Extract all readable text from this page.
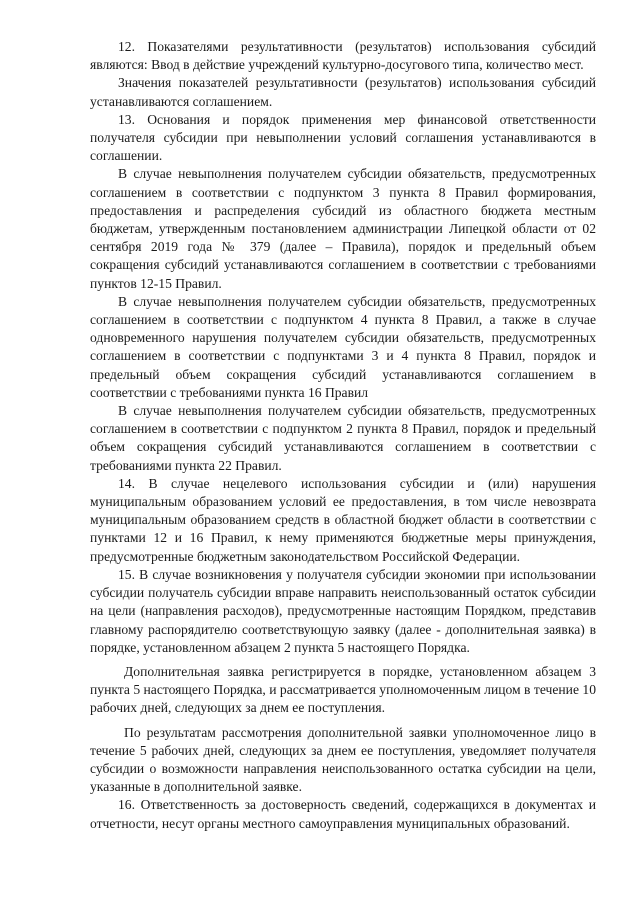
12. Показателями результативности (результатов) использования субсидий являются: Ввод в действие учреждений культурно-досугового типа, количество мест.

Значения показателей результативности (результатов) использования субсидий устанавливаются соглашением.

13. Основания и порядок применения мер финансовой ответственности получателя субсидии при невыполнении условий соглашения устанавливаются в соглашении.

В случае невыполнения получателем субсидии обязательств, предусмотренных соглашением в соответствии с подпунктом 3 пункта 8 Правил формирования, предоставления и распределения субсидий из областного бюджета местным бюджетам, утвержденным постановлением администрации Липецкой области от 02 сентября 2019 года № 379 (далее – Правила), порядок и предельный объем сокращения субсидий устанавливаются соглашением в соответствии с требованиями пунктов 12-15 Правил.

В случае невыполнения получателем субсидии обязательств, предусмотренных соглашением в соответствии с подпунктом 4 пункта 8 Правил, а также в случае одновременного нарушения получателем субсидии обязательств, предусмотренных соглашением в соответствии с подпунктами 3 и 4 пункта 8 Правил, порядок и предельный объем сокращения субсидий устанавливаются соглашением в соответствии с требованиями пункта 16 Правил

В случае невыполнения получателем субсидии обязательств, предусмотренных соглашением в соответствии с подпунктом 2 пункта 8 Правил, порядок и предельный объем сокращения субсидий устанавливаются соглашением в соответствии с требованиями пункта 22 Правил.

14. В случае нецелевого использования субсидии и (или) нарушения муниципальным образованием условий ее предоставления, в том числе невозврата муниципальным образованием средств в областной бюджет области в соответствии с пунктами 12 и 16 Правил, к нему применяются бюджетные меры принуждения, предусмотренные бюджетным законодательством Российской Федерации.

15. В случае возникновения у получателя субсидии экономии при использовании субсидии получатель субсидии вправе направить неиспользованный остаток субсидии на цели (направления расходов), предусмотренные настоящим Порядком, представив главному распорядителю соответствующую заявку (далее - дополнительная заявка) в порядке, установленном абзацем 2 пункта 5 настоящего Порядка.

Дополнительная заявка регистрируется в порядке, установленном абзацем 3 пункта 5 настоящего Порядка, и рассматривается уполномоченным лицом в течение 10 рабочих дней, следующих за днем ее поступления.

По результатам рассмотрения дополнительной заявки уполномоченное лицо в течение 5 рабочих дней, следующих за днем ее поступления, уведомляет получателя субсидии о возможности направления неиспользованного остатка субсидии на цели, указанные в дополнительной заявке.

16. Ответственность за достоверность сведений, содержащихся в документах и отчетности, несут органы местного самоуправления муниципальных образований.
